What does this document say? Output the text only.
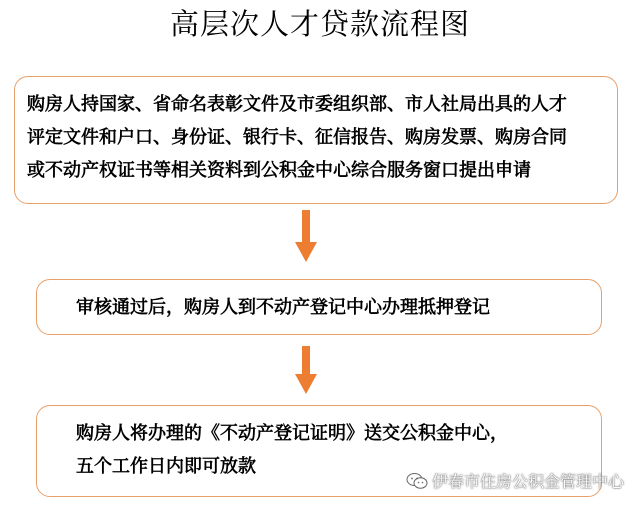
高层次人才贷款流程图
购房人持国家、省命名表彰文件及市委组织部、市人社局出具的人才
评定文件和户口、身份证、银行卡、征信报告、购房发票、购房合同
或不动产权证书等相关资料到公积金中心综合服务窗口提出申请
审核通过后，购房人到不动产登记中心办理抵押登记
购房人将办理的《不动产登记证明》送交公积金中心，
五个工作日内即可放款
伊春市住房公积金管理中心
